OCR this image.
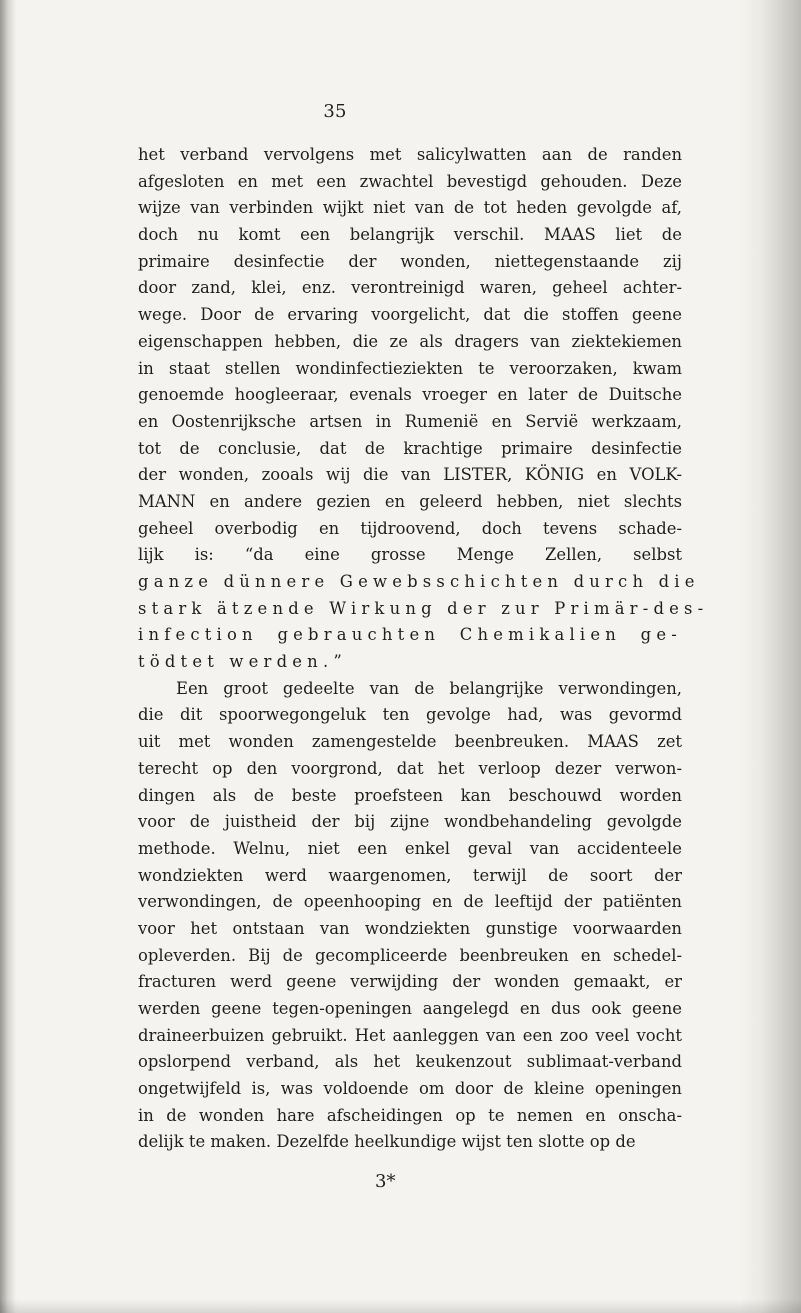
35
het verband vervolgens met salicylwatten aan de randen
afgesloten en met een zwachtel bevestigd gehouden. Deze
wijze van verbinden wijkt niet van de tot heden gevolgde af,
doch nu komt een belangrijk verschil. MAAS liet de
primaire desinfectie der wonden, niettegenstaande zij
door zand, klei, enz. verontreinigd waren, geheel achter-
wege. Door de ervaring voorgelicht, dat die stoffen geene
eigenschappen hebben, die ze als dragers van ziektekiemen
in staat stellen wondinfectieziekten te veroorzaken, kwam
genoemde hoogleeraar, evenals vroeger en later de Duitsche
en Oostenrijksche artsen in Rumenië en Servië werkzaam,
tot de conclusie, dat de krachtige primaire desinfectie
der wonden, zooals wij die van LISTER, KÖNIG en VOLK-
MANN en andere gezien en geleerd hebben, niet slechts
geheel overbodig en tijdroovend, doch tevens schade-
lijk is: “da eine grosse Menge Zellen, selbst
ganze dünnere Gewebsschichten durch die
stark ätzende Wirkung der zur Primär-des-
infection gebrauchten Chemikalien ge-
tödtet werden.”
Een groot gedeelte van de belangrijke verwondingen,
die dit spoorwegongeluk ten gevolge had, was gevormd
uit met wonden zamengestelde beenbreuken. MAAS zet
terecht op den voorgrond, dat het verloop dezer verwon-
dingen als de beste proefsteen kan beschouwd worden
voor de juistheid der bij zijne wondbehandeling gevolgde
methode. Welnu, niet een enkel geval van accidenteele
wondziekten werd waargenomen, terwijl de soort der
verwondingen, de opeenhooping en de leeftijd der patiënten
voor het ontstaan van wondziekten gunstige voorwaarden
opleverden. Bij de gecompliceerde beenbreuken en schedel-
fracturen werd geene verwijding der wonden gemaakt, er
werden geene tegen-openingen aangelegd en dus ook geene
draineerbuizen gebruikt. Het aanleggen van een zoo veel vocht
opslorpend verband, als het keukenzout sublimaat-verband
ongetwijfeld is, was voldoende om door de kleine openingen
in de wonden hare afscheidingen op te nemen en onscha-
delijk te maken. Dezelfde heelkundige wijst ten slotte op de
3*
